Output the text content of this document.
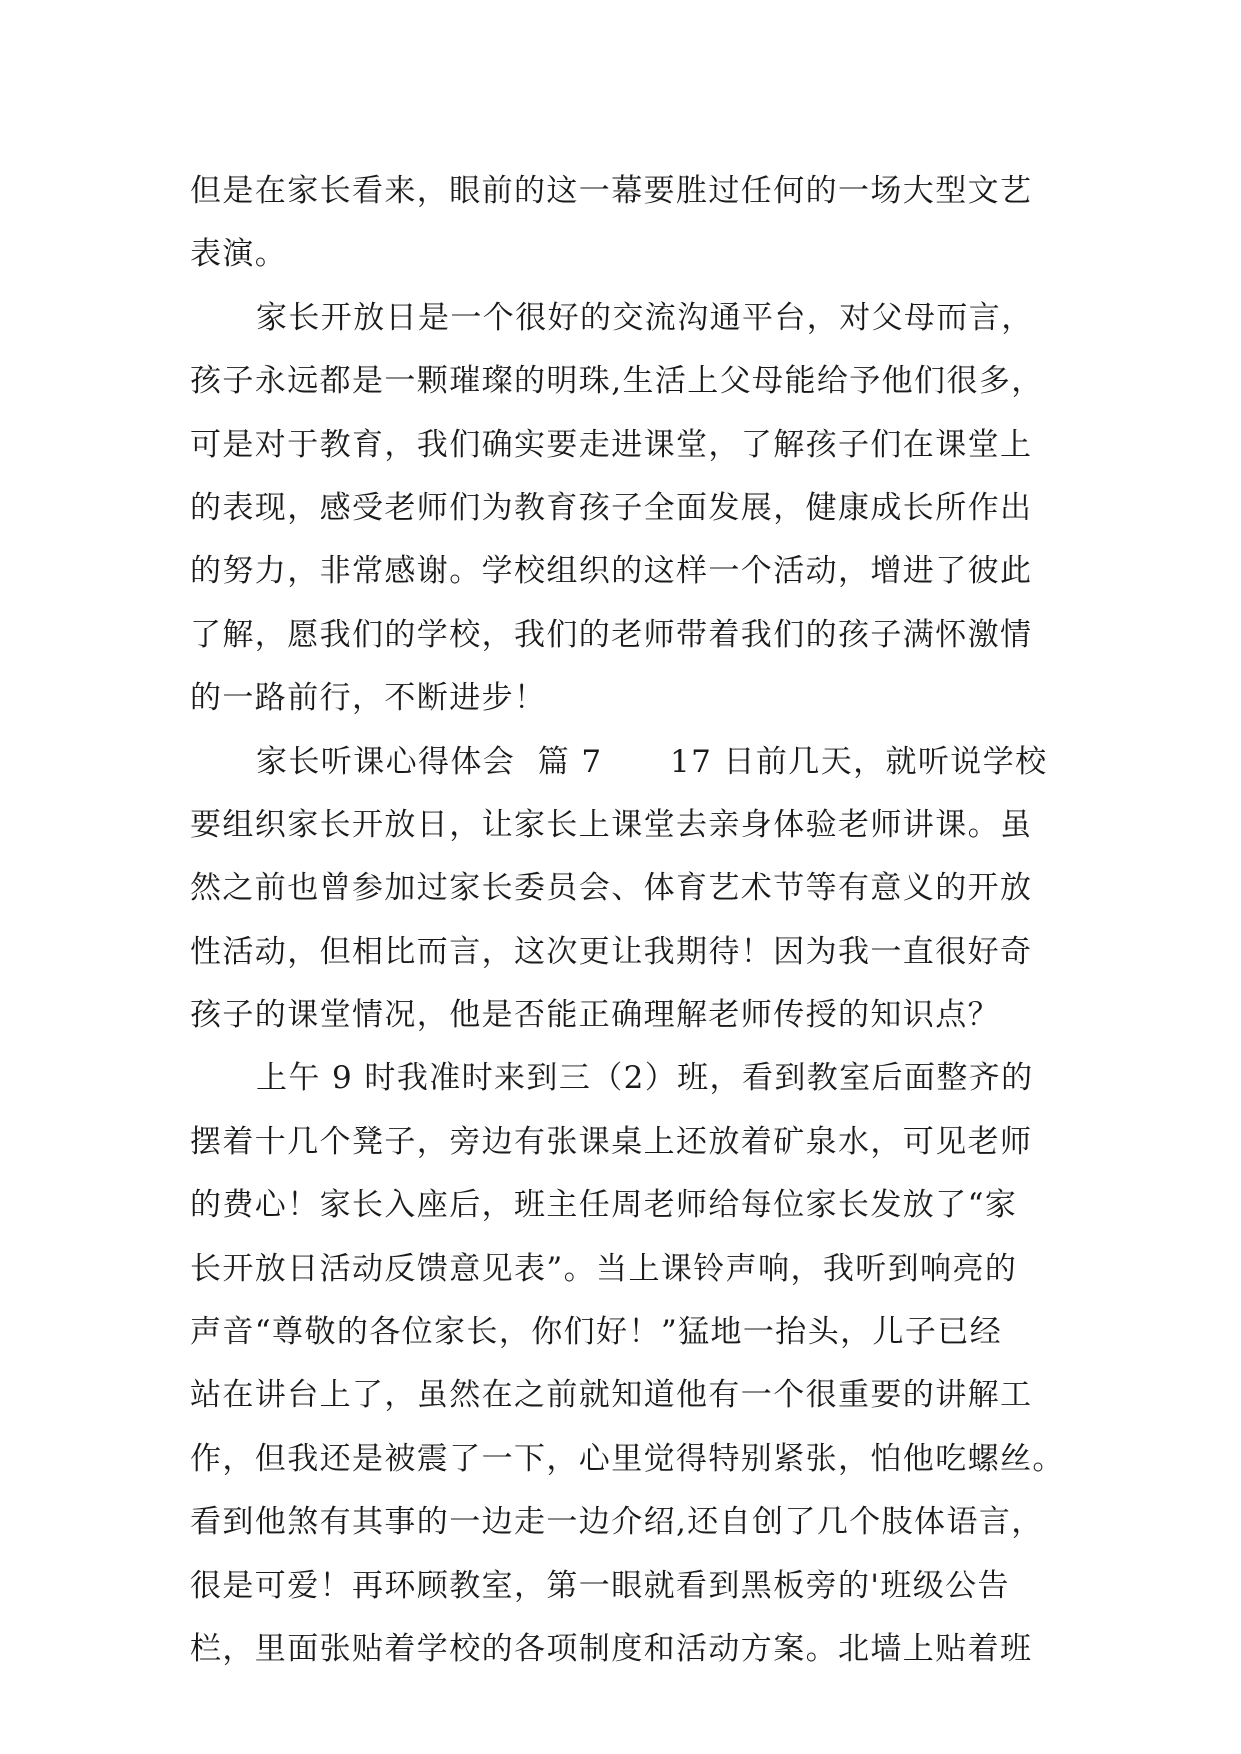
但是在家长看来，眼前的这一幕要胜过任何的一场大型文艺
表演。
家长开放日是一个很好的交流沟通平台，对父母而言，
孩子永远都是一颗璀璨的明珠,生活上父母能给予他们很多，
可是对于教育，我们确实要走进课堂，了解孩子们在课堂上
的表现，感受老师们为教育孩子全面发展，健康成长所作出
的努力，非常感谢。学校组织的这样一个活动，增进了彼此
了解，愿我们的学校，我们的老师带着我们的孩子满怀激情
的一路前行，不断进步！
家长听课心得体会  篇 7      17 日前几天，就听说学校
要组织家长开放日，让家长上课堂去亲身体验老师讲课。虽
然之前也曾参加过家长委员会、体育艺术节等有意义的开放
性活动，但相比而言，这次更让我期待！因为我一直很好奇
孩子的课堂情况，他是否能正确理解老师传授的知识点？
上午 9 时我准时来到三（2）班，看到教室后面整齐的
摆着十几个凳子，旁边有张课桌上还放着矿泉水，可见老师
的费心！家长入座后，班主任周老师给每位家长发放了“家
长开放日活动反馈意见表”。当上课铃声响，我听到响亮的
声音“尊敬的各位家长，你们好！”猛地一抬头，儿子已经
站在讲台上了，虽然在之前就知道他有一个很重要的讲解工
作，但我还是被震了一下，心里觉得特别紧张，怕他吃螺丝。
看到他煞有其事的一边走一边介绍,还自创了几个肢体语言，
很是可爱！再环顾教室，第一眼就看到黑板旁的'班级公告
栏，里面张贴着学校的各项制度和活动方案。北墙上贴着班
